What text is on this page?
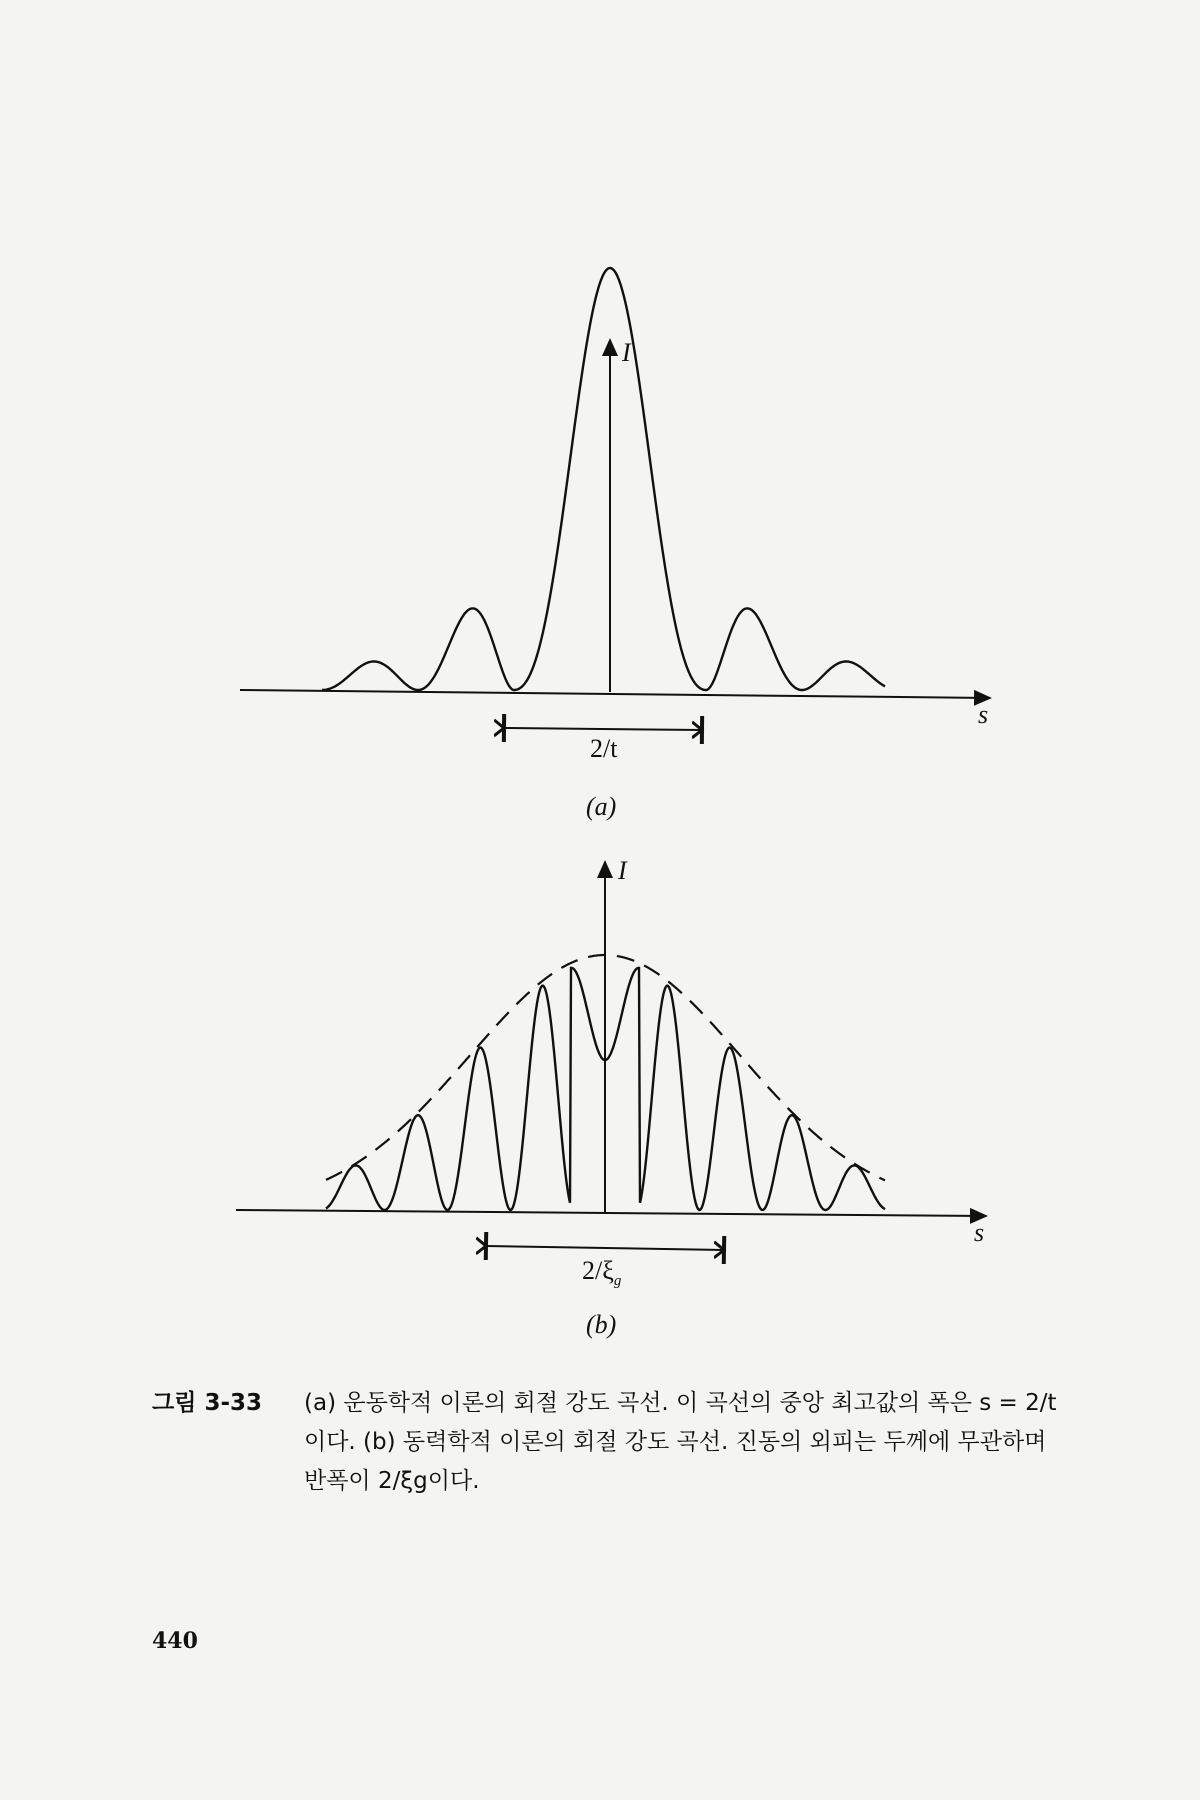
I
s
2/t
(a)
I
s
$2/\xi_g$
(b)
그림 3-33 (a) 운동학적 이론의 회절 강도 곡선. 이 곡선의 중앙 최고값의 폭은 s = 2/t이다. (b) 동력학적 이론의 회절 강도 곡선. 진동의 외피는 두께에 무관하며 반폭이 2/ξg이다.
440
